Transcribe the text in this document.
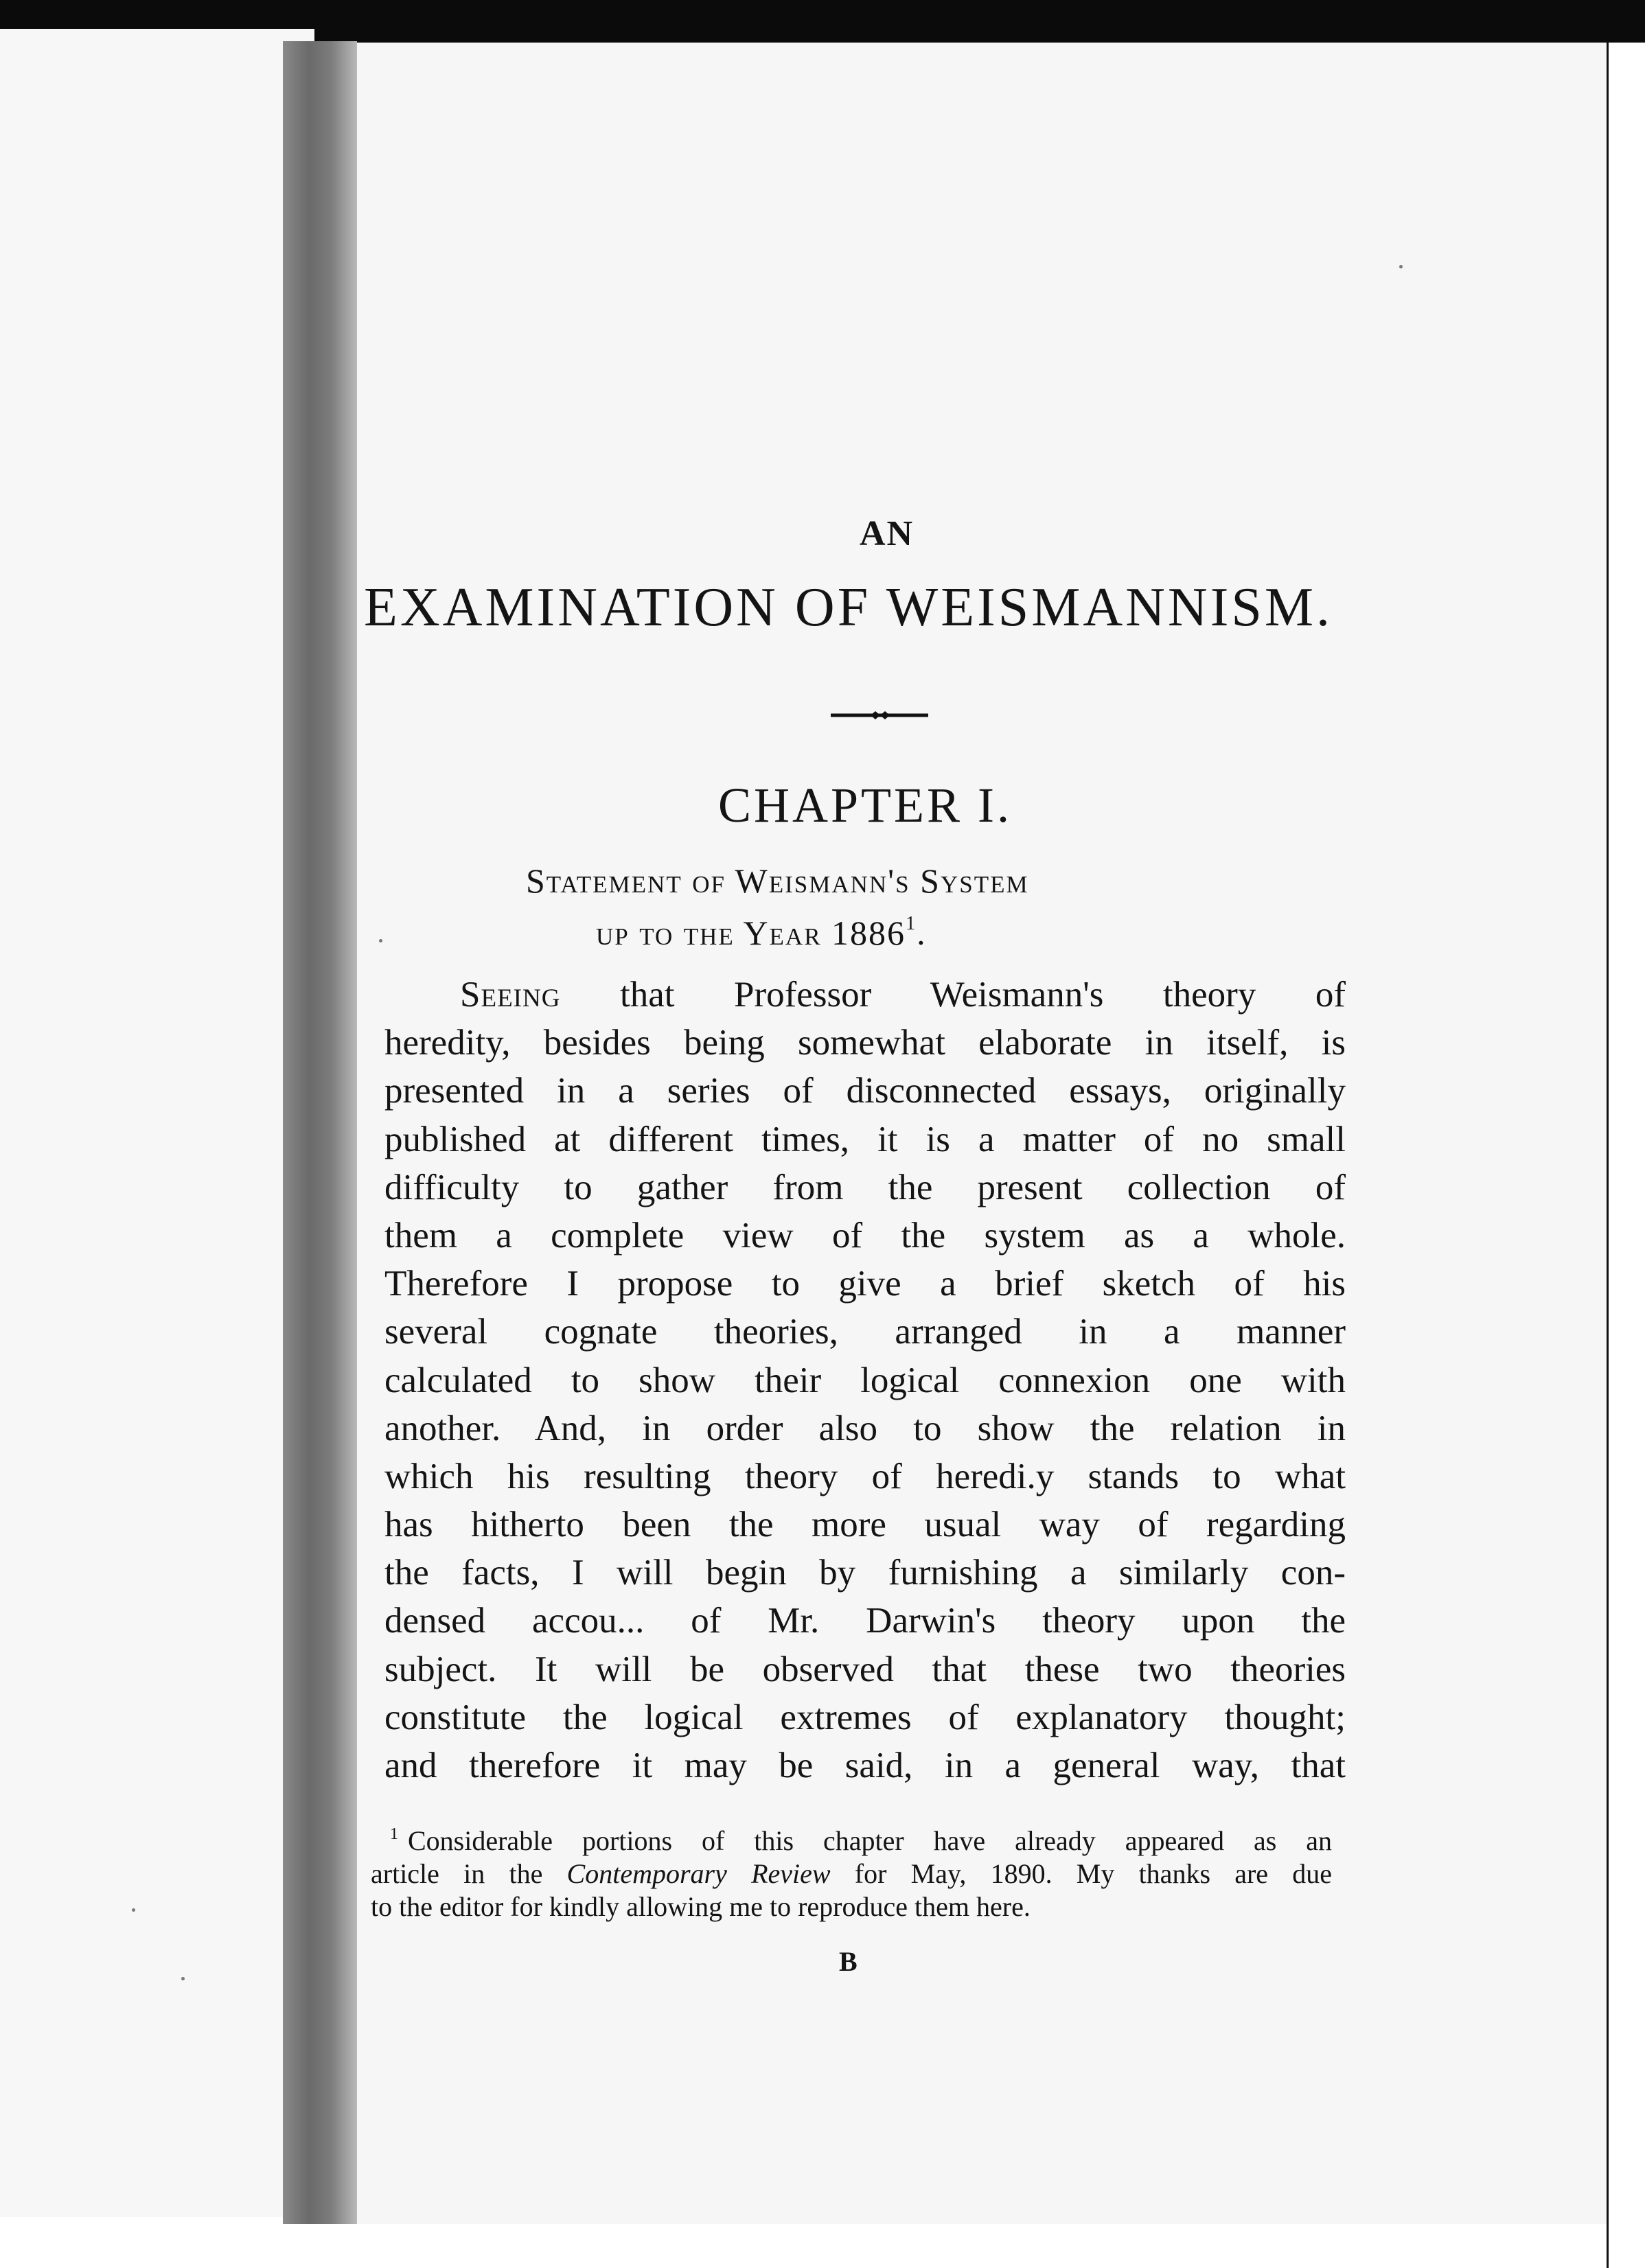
AN
EXAMINATION OF WEISMANNISM.
CHAPTER I.
Statement of Weismann's System
up to the Year 1886$^1$.
Seeing that Professor Weismann's theory of
heredity, besides being somewhat elaborate in itself, is
presented in a series of disconnected essays, originally
published at different times, it is a matter of no small
difficulty to gather from the present collection of
them a complete view of the system as a whole.
Therefore I propose to give a brief sketch of his
several cognate theories, arranged in a manner
calculated to show their logical connexion one with
another. And, in order also to show the relation in
which his resulting theory of heredi.y stands to what
has hitherto been the more usual way of regarding
the facts, I will begin by furnishing a similarly con-
densed accou... of Mr. Darwin's theory upon the
subject. It will be observed that these two theories
constitute the logical extremes of explanatory thought;
and therefore it may be said, in a general way, that
$^1$ Considerable portions of this chapter have already appeared as an
article in the Contemporary Review for May, 1890. My thanks are due
to the editor for kindly allowing me to reproduce them here.
B
